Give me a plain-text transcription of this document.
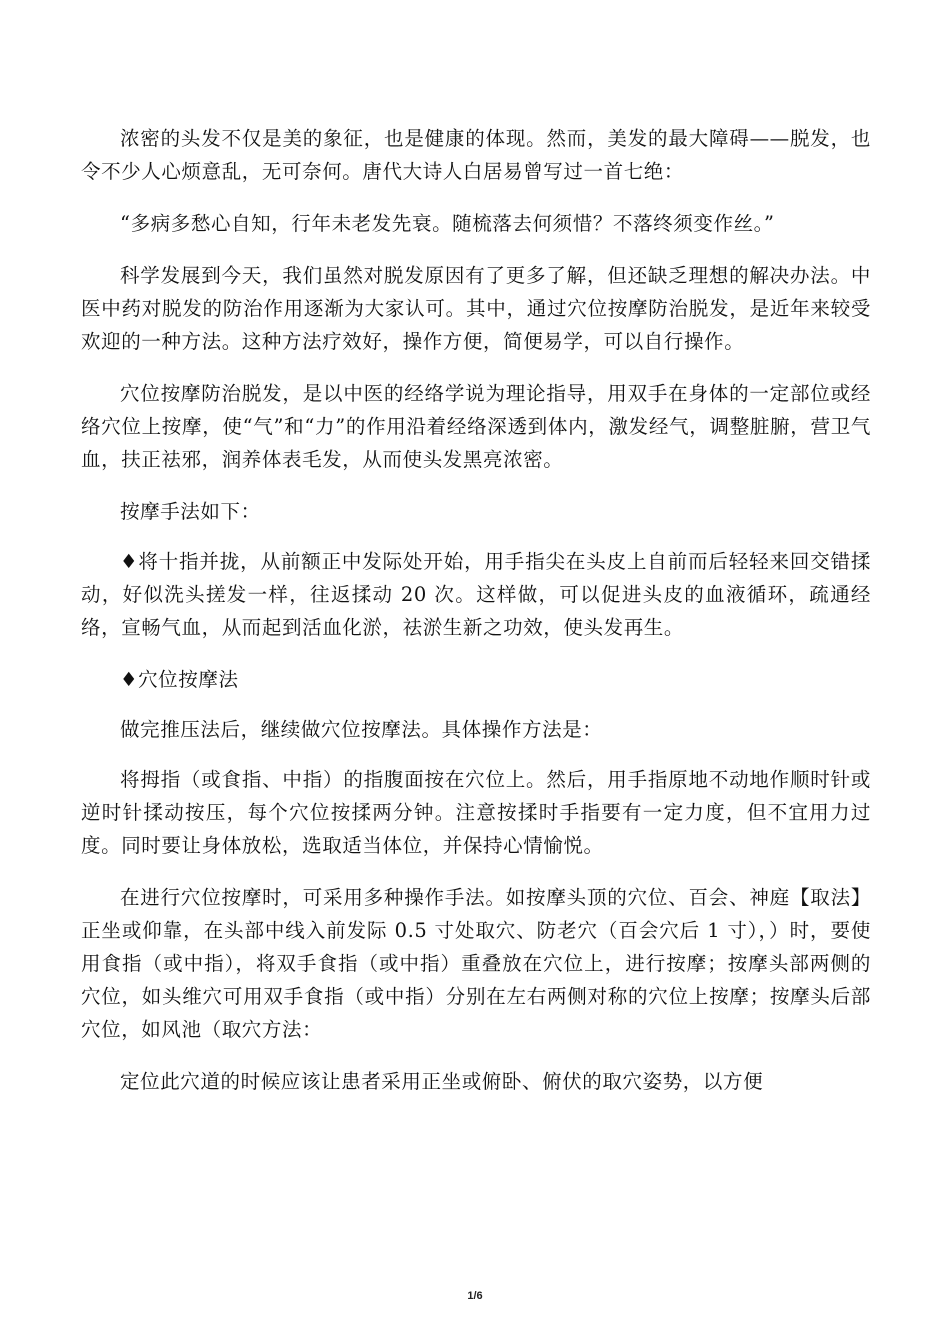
浓密的头发不仅是美的象征，也是健康的体现。然而，美发的最大障碍——脱发，也令不少人心烦意乱，无可奈何。唐代大诗人白居易曾写过一首七绝：

“多病多愁心自知，行年未老发先衰。随梳落去何须惜？不落终须变作丝。”

科学发展到今天，我们虽然对脱发原因有了更多了解，但还缺乏理想的解决办法。中医中药对脱发的防治作用逐渐为大家认可。其中，通过穴位按摩防治脱发，是近年来较受欢迎的一种方法。这种方法疗效好，操作方便，简便易学，可以自行操作。

穴位按摩防治脱发，是以中医的经络学说为理论指导，用双手在身体的一定部位或经络穴位上按摩，使“气”和“力”的作用沿着经络深透到体内，激发经气，调整脏腑，营卫气血，扶正祛邪，润养体表毛发，从而使头发黑亮浓密。

按摩手法如下：

♦将十指并拢，从前额正中发际处开始，用手指尖在头皮上自前而后轻轻来回交错揉动，好似洗头搓发一样，往返揉动 20 次。这样做，可以促进头皮的血液循环，疏通经络，宣畅气血，从而起到活血化淤，祛淤生新之功效，使头发再生。

♦穴位按摩法

做完推压法后，继续做穴位按摩法。具体操作方法是：

将拇指（或食指、中指）的指腹面按在穴位上。然后，用手指原地不动地作顺时针或逆时针揉动按压，每个穴位按揉两分钟。注意按揉时手指要有一定力度，但不宜用力过度。同时要让身体放松，选取适当体位，并保持心情愉悦。

在进行穴位按摩时，可采用多种操作手法。如按摩头顶的穴位、百会、神庭【取法】正坐或仰靠，在头部中线入前发际 0.5 寸处取穴、防老穴（百会穴后 1 寸），）时，要使用食指（或中指），将双手食指（或中指）重叠放在穴位上，进行按摩；按摩头部两侧的穴位，如头维穴可用双手食指（或中指）分别在左右两侧对称的穴位上按摩；按摩头后部穴位，如风池（取穴方法：

定位此穴道的时候应该让患者采用正坐或俯卧、俯伏的取穴姿势，以方便

1/6
